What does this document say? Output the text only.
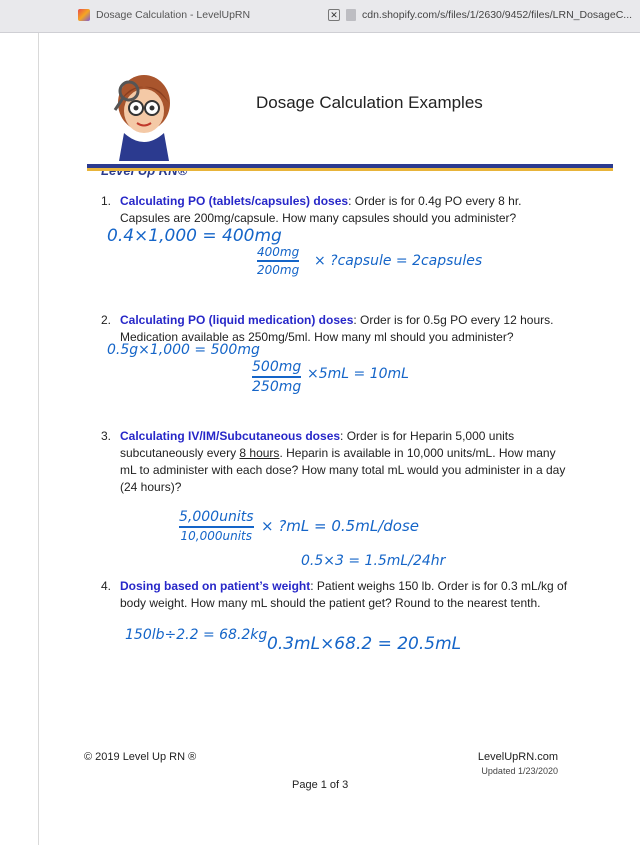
Dosage Calculation - LevelUpRN	✕ cdn.shopify.com/s/files/1/2630/9452/files/LRN_DosageC...
Dosage Calculation Examples
1. Calculating PO (tablets/capsules) doses: Order is for 0.4g PO every 8 hr. Capsules are 200mg/capsule. How many capsules should you administer?
0.4×1,000 = 400mg
400mg
200mg
× ?capsule = 2capsules
2. Calculating PO (liquid medication) doses: Order is for 0.5g PO every 12 hours. Medication available as 250mg/5ml. How many ml should you administer?
0.5g×1,000 = 500mg
500mg
250mg
×5mL = 10mL
3. Calculating IV/IM/Subcutaneous doses: Order is for Heparin 5,000 units subcutaneously every 8 hours. Heparin is available in 10,000 units/mL. How many mL to administer with each dose? How many total mL would you administer in a day (24 hours)?
5,000units
10,000units
× ?mL = 0.5mL/dose
0.5×3 = 1.5mL/24hr
4. Dosing based on patient’s weight: Patient weighs 150 lb. Order is for 0.3 mL/kg of body weight. How many mL should the patient get? Round to the nearest tenth.
150lb÷2.2 = 68.2kg 0.3mL×68.2 = 20.5mL
© 2019 Level Up RN ®	LevelUpRN.com
Updated 1/23/2020
Page 1 of 3
